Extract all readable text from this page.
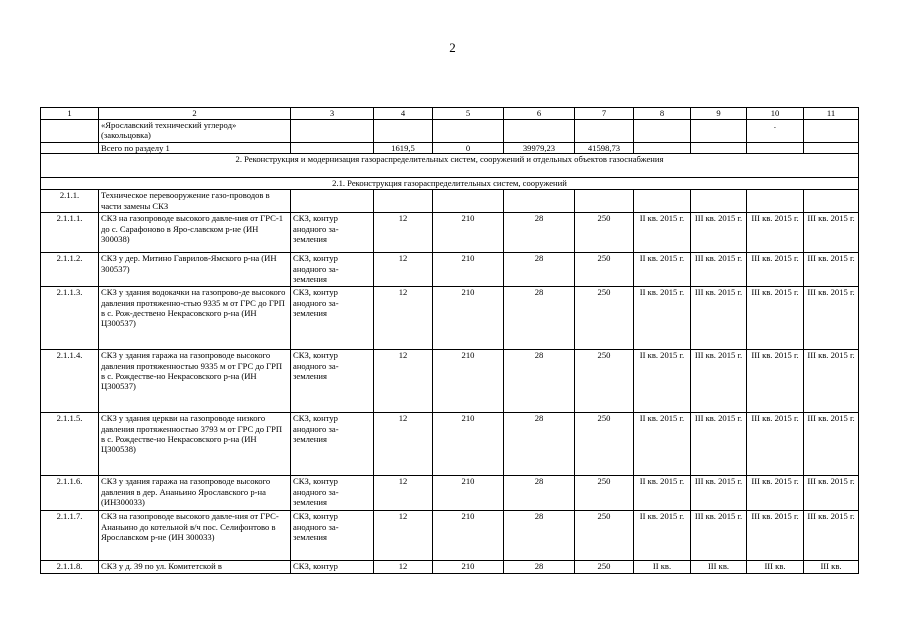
2
1	2	3	4	5	6	7	8	9	10	11
	«Ярославский технический углерод» (закольцовка)								.	
	Всего по разделу 1		1619,5	0	39979,23	41598,73				
2. Реконструкция и модернизация газораспределительных систем, сооружений и отдельных объектов газоснабжения										
2.1. Реконструкция газораспределительных систем, сооружений										
2.1.1.	Техническое перевооружение газо-проводов в части замены СКЗ									
2.1.1.1.	СКЗ на газопроводе высокого давле-ния от ГРС-1 до с. Сарафоново в Яро-славском р-не (ИН 300038)	СКЗ, контур анодного за-земления	12	210	28	250	II кв. 2015 г.	III кв. 2015 г.	III кв. 2015 г.	III кв. 2015 г.
2.1.1.2.	СКЗ у дер. Митино Гаврилов-Ямского р-на (ИН 300537)	СКЗ, контур анодного за-земления	12	210	28	250	II кв. 2015 г.	III кв. 2015 г.	III кв. 2015 г.	III кв. 2015 г.
2.1.1.3.	СКЗ у здания водокачки на газопрово-де высокого давления протяженно-стью 9335 м от ГРС до ГРП в с. Рож-дествено Некрасовского р-на (ИН Ц300537)	СКЗ, контур анодного за-земления	12	210	28	250	II кв. 2015 г.	III кв. 2015 г.	III кв. 2015 г.	III кв. 2015 г.
2.1.1.4.	СКЗ у здания гаража на газопроводе высокого давления протяженностью 9335 м от ГРС до ГРП в с. Рождестве-но Некрасовского р-на (ИН Ц300537)	СКЗ, контур анодного за-земления	12	210	28	250	II кв. 2015 г.	III кв. 2015 г.	III кв. 2015 г.	III кв. 2015 г.
2.1.1.5.	СКЗ у здания церкви на газопроводе низкого давления протяженностью 3793 м от ГРС до ГРП в с. Рождестве-но Некрасовского р-на (ИН Ц300538)	СКЗ, контур анодного за-земления	12	210	28	250	II кв. 2015 г.	III кв. 2015 г.	III кв. 2015 г.	III кв. 2015 г.
2.1.1.6.	СКЗ у здания гаража на газопроводе высокого давления в дер. Ананьино Ярославского р-на (ИН300033)	СКЗ, контур анодного за-земления	12	210	28	250	II кв. 2015 г.	III кв. 2015 г.	III кв. 2015 г.	III кв. 2015 г.
2.1.1.7.	СКЗ на газопроводе высокого давле-ния от ГРС-Ананьино до котельной в/ч пос. Селифонтово в Ярославском р-не (ИН 300033)	СКЗ, контур анодного за-земления	12	210	28	250	II кв. 2015 г.	III кв. 2015 г.	III кв. 2015 г.	III кв. 2015 г.
2.1.1.8.	СКЗ у д. 39 по ул. Комитетской в	СКЗ, контур	12	210	28	250	II кв.	III кв.	III кв.	III кв.
